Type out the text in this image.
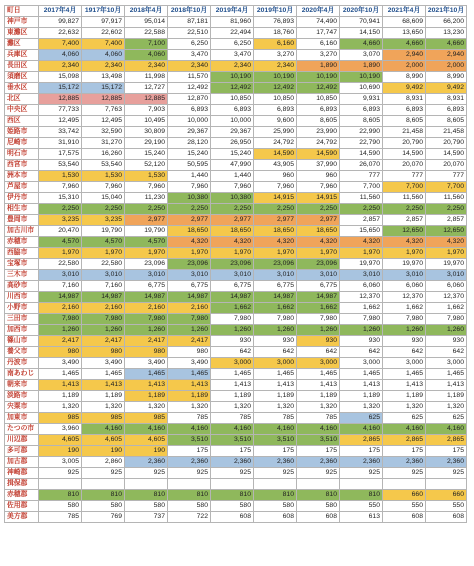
町日	2017年4月	1917年10月	2018年4月	2018年10月	2019年4月	2019年10月	2020年4月	2020年10月	2021年4月	2021年10月
神戸市	99,827	97,917	95,014	87,181	81,960	76,893	74,490	70,941	68,609	66,200
東灘区	22,632	22,602	22,588	22,510	22,494	18,760	17,747	14,150	13,650	13,230
灘区	7,400	7,400	7,100	6,250	6,250	6,160	6,160	4,660	4,660	4,660
兵庫区	4,060	4,060	4,060	3,470	3,470	3,270	3,270	3,070	2,940	2,940
長田区	2,340	2,340	2,340	2,340	2,340	2,340	1,890	1,890	2,000	2,000
須磨区	15,098	13,498	11,998	11,570	10,190	10,190	10,190	10,190	8,990	8,990
垂水区	15,172	15,172	12,727	12,492	12,492	12,492	12,492	10,690	9,492	9,492
北区	12,885	12,885	12,885	12,870	10,850	10,850	10,850	9,931	8,931	8,931
中央区	77,733	7,763	7,903	6,893	6,893	6,893	6,893	6,893	6,893	6,893
西区	12,495	12,495	10,495	10,000	10,000	9,600	8,605	8,605	8,605	8,605
姫路市	33,742	32,590	30,809	29,367	29,367	25,990	23,990	22,990	21,458	21,458
尼崎市	31,910	31,270	29,190	28,120	26,950	24,792	24,792	22,790	20,790	20,790
明石市	17,575	16,260	15,240	15,240	15,240	14,590	14,590	14,590	14,590	14,590
西宮市	53,540	53,540	52,120	50,595	47,990	43,905	37,990	26,070	20,070	20,070
洲本市	1,530	1,530	1,530	1,440	1,440	960	960	777	777	777
芦屋市	7,960	7,960	7,960	7,960	7,960	7,960	7,960	7,700	7,700	7,700
伊丹市	15,310	15,040	11,230	10,380	10,380	14,915	14,915	11,560	11,560	11,560
相生市	2,250	2,250	2,250	2,250	2,250	2,250	2,250	2,250	2,250	2,250
豊岡市	3,235	3,235	2,977	2,977	2,977	2,977	2,977	2,857	2,857	2,857
加古川市	20,470	19,790	19,790	18,650	18,650	18,650	18,650	15,650	12,650	12,650
赤穂市	4,570	4,570	4,570	4,320	4,320	4,320	4,320	4,320	4,320	4,320
西脇市	1,970	1,970	1,970	1,970	1,970	1,970	1,970	1,970	1,970	1,970
宝塚市	22,580	22,580	23,096	23,096	23,096	23,096	23,096	19,970	19,970	19,970
三木市	3,010	3,010	3,010	3,010	3,010	3,010	3,010	3,010	3,010	3,010
高砂市	7,160	7,160	6,775	6,775	6,775	6,775	6,775	6,060	6,060	6,060
川西市	14,987	14,987	14,987	14,987	14,987	14,987	14,987	12,370	12,370	12,370
小野市	2,160	2,160	2,160	2,160	1,662	1,662	1,662	1,662	1,662	1,662
三田市	7,980	7,980	7,980	7,980	7,980	7,980	7,980	7,980	7,980	7,980
加西市	1,260	1,260	1,260	1,260	1,260	1,260	1,260	1,260	1,260	1,260
篠山市	2,417	2,417	2,417	2,417	930	930	930	930	930	930
養父市	980	980	980	980	642	642	642	642	642	642
丹波市	3,490	3,490	3,490	3,490	3,000	3,000	3,000	3,000	3,000	3,000
南あわじ	1,465	1,465	1,465	1,465	1,465	1,465	1,465	1,465	1,465	1,465
朝来市	1,413	1,413	1,413	1,413	1,413	1,413	1,413	1,413	1,413	1,413
淡路市	1,189	1,189	1,189	1,189	1,189	1,189	1,189	1,189	1,189	1,189
宍粟市	1,320	1,320	1,320	1,320	1,320	1,320	1,320	1,320	1,320	1,320
加東市	985	985	985	785	785	785	785	625	625	625
たつの市	3,960	4,160	4,160	4,160	4,160	4,160	4,160	4,160	4,160	4,160
川辺郡	4,605	4,605	4,605	3,510	3,510	3,510	3,510	2,865	2,865	2,865
多可郡	190	190	190	175	175	175	175	175	175	175
加古郡	3,005	2,860	2,360	2,360	2,360	2,360	2,360	2,360	2,360	2,360
神崎郡	925	925	925	925	925	925	925	925	925	925
揖保郡										
赤穂郡	810	810	810	810	810	810	810	810	660	660
佐用郡	580	580	580	580	580	580	580	550	550	550
美方郡	785	769	737	722	608	608	608	613	608	608
